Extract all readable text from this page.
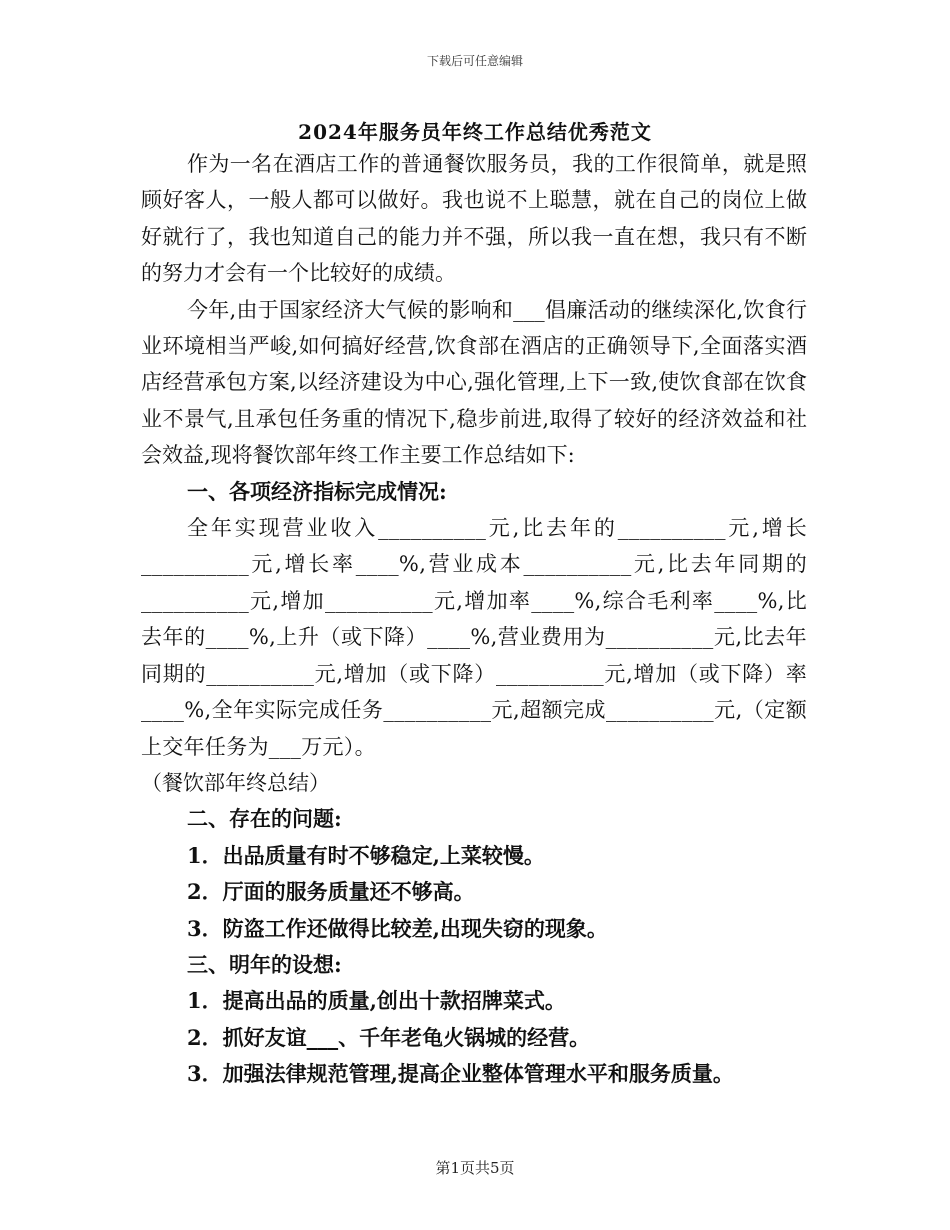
下载后可任意编辑
2024年服务员年终工作总结优秀范文

作为一名在酒店工作的普通餐饮服务员，我的工作很简单，就是照顾好客人，一般人都可以做好。我也说不上聪慧，就在自己的岗位上做好就行了，我也知道自己的能力并不强，所以我一直在想，我只有不断的努力才会有一个比较好的成绩。

今年,由于国家经济大气候的影响和___倡廉活动的继续深化,饮食行业环境相当严峻,如何搞好经营,饮食部在酒店的正确领导下,全面落实酒店经营承包方案,以经济建设为中心,强化管理,上下一致,使饮食部在饮食业不景气,且承包任务重的情况下,稳步前进,取得了较好的经济效益和社会效益,现将餐饮部年终工作主要工作总结如下:

一、各项经济指标完成情况:

全年实现营业收入__________元,比去年的__________元,增长__________元,增长率____%,营业成本__________元,比去年同期的__________元,增加__________元,增加率____%,综合毛利率____%,比去年的____%,上升（或下降）____%,营业费用为__________元,比去年同期的__________元,增加（或下降）__________元,增加（或下降）率____%,全年实际完成任务__________元,超额完成__________元,（定额上交年任务为___万元）。

（餐饮部年终总结）

二、存在的问题:

1．出品质量有时不够稳定,上菜较慢。

2．厅面的服务质量还不够高。

3．防盗工作还做得比较差,出现失窃的现象。

三、明年的设想:

1．提高出品的质量,创出十款招牌菜式。

2．抓好友谊___、千年老龟火锅城的经营。

3．加强法律规范管理,提高企业整体管理水平和服务质量。

第1页共5页
